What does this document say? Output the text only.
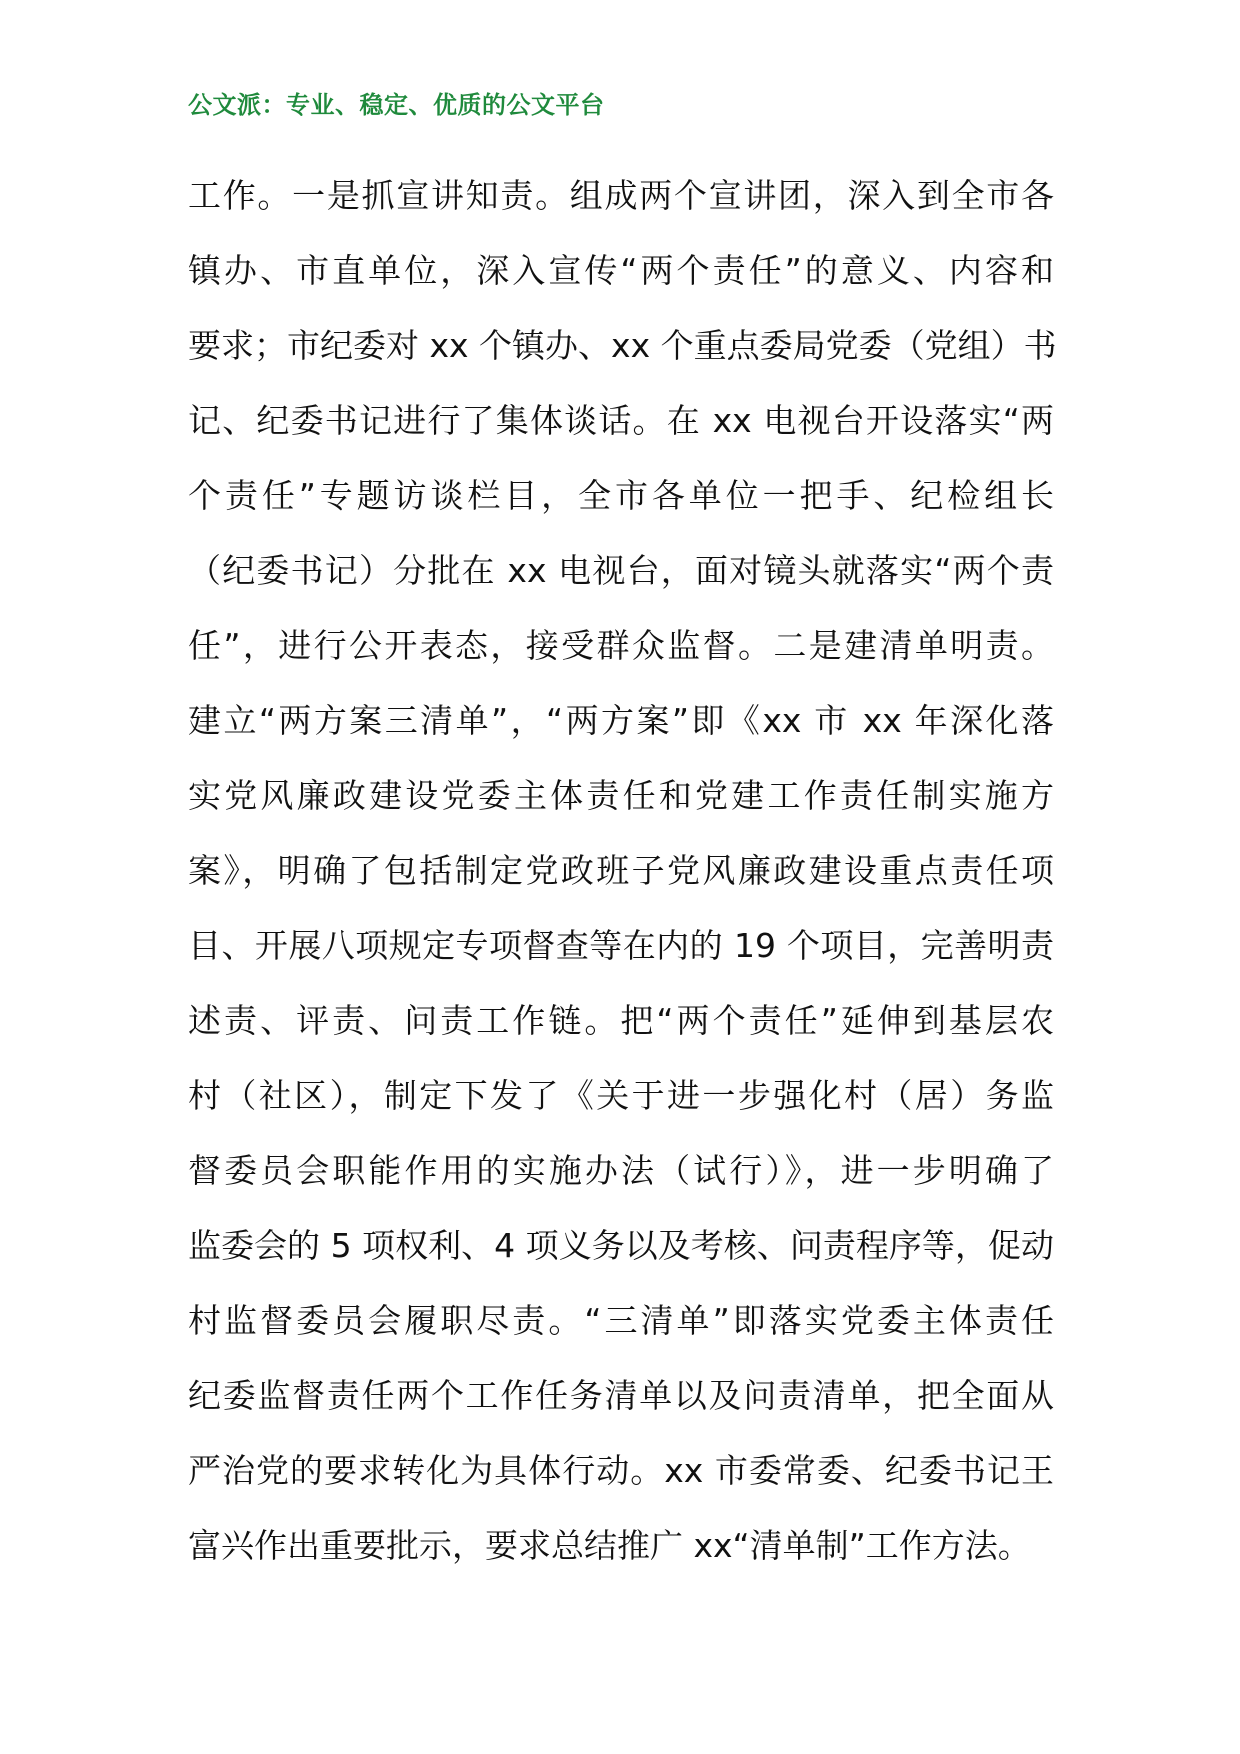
公文派：专业、稳定、优质的公文平台
工作。一是抓宣讲知责。组成两个宣讲团，深入到全市各
镇办、市直单位，深入宣传“两个责任”的意义、内容和
要求；市纪委对 xx 个镇办、xx 个重点委局党委（党组）书
记、纪委书记进行了集体谈话。在 xx 电视台开设落实“两
个责任”专题访谈栏目，全市各单位一把手、纪检组长
（纪委书记）分批在 xx 电视台，面对镜头就落实“两个责
任”，进行公开表态，接受群众监督。二是建清单明责。
建立“两方案三清单”，“两方案”即《xx 市 xx 年深化落
实党风廉政建设党委主体责任和党建工作责任制实施方
案》，明确了包括制定党政班子党风廉政建设重点责任项
目、开展八项规定专项督查等在内的 19 个项目，完善明责
述责、评责、问责工作链。把“两个责任”延伸到基层农
村（社区），制定下发了《关于进一步强化村（居）务监
督委员会职能作用的实施办法（试行）》，进一步明确了
监委会的 5 项权利、4 项义务以及考核、问责程序等，促动
村监督委员会履职尽责。“三清单”即落实党委主体责任
纪委监督责任两个工作任务清单以及问责清单，把全面从
严治党的要求转化为具体行动。xx 市委常委、纪委书记王
富兴作出重要批示，要求总结推广 xx“清单制”工作方法。
